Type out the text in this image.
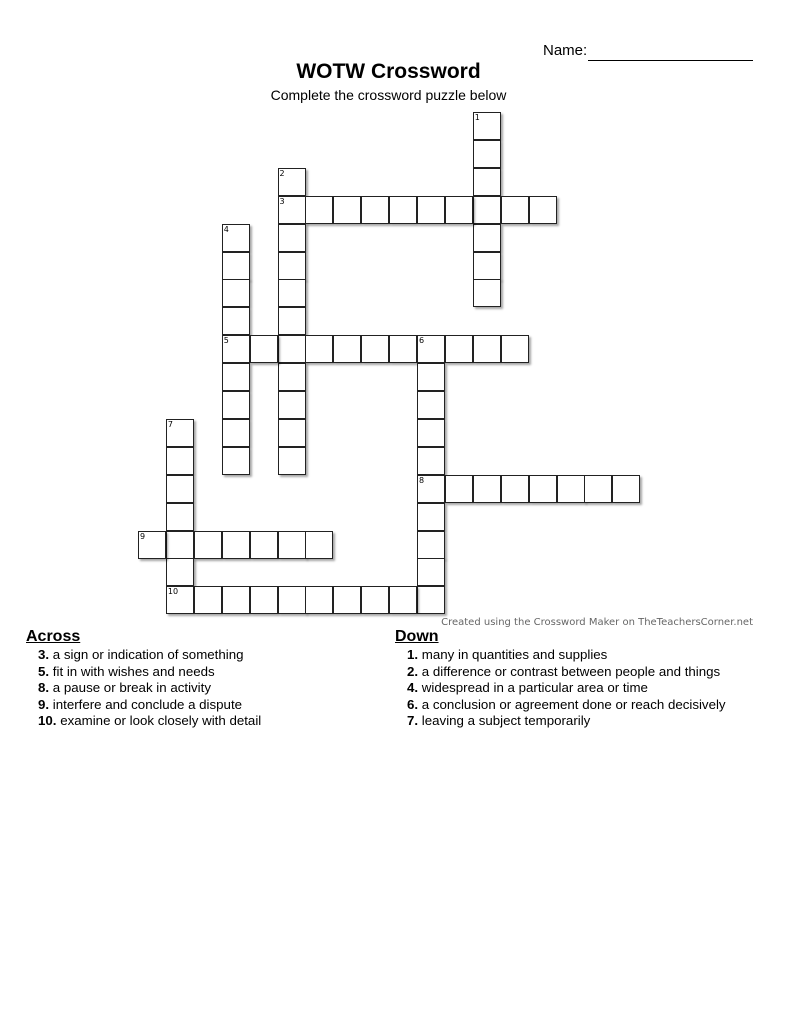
Name:
WOTW Crossword
Complete the crossword puzzle below
1
2
3
4
5	6
8
7
9
10
Created using the Crossword Maker on TheTeachersCorner.net
Across
3. a sign or indication of something
5. fit in with wishes and needs
8. a pause or break in activity
9. interfere and conclude a dispute
10. examine or look closely with detail
Down
1. many in quantities and supplies
2. a difference or contrast between people and things
4. widespread in a particular area or time
6. a conclusion or agreement done or reach decisively
7. leaving a subject temporarily
